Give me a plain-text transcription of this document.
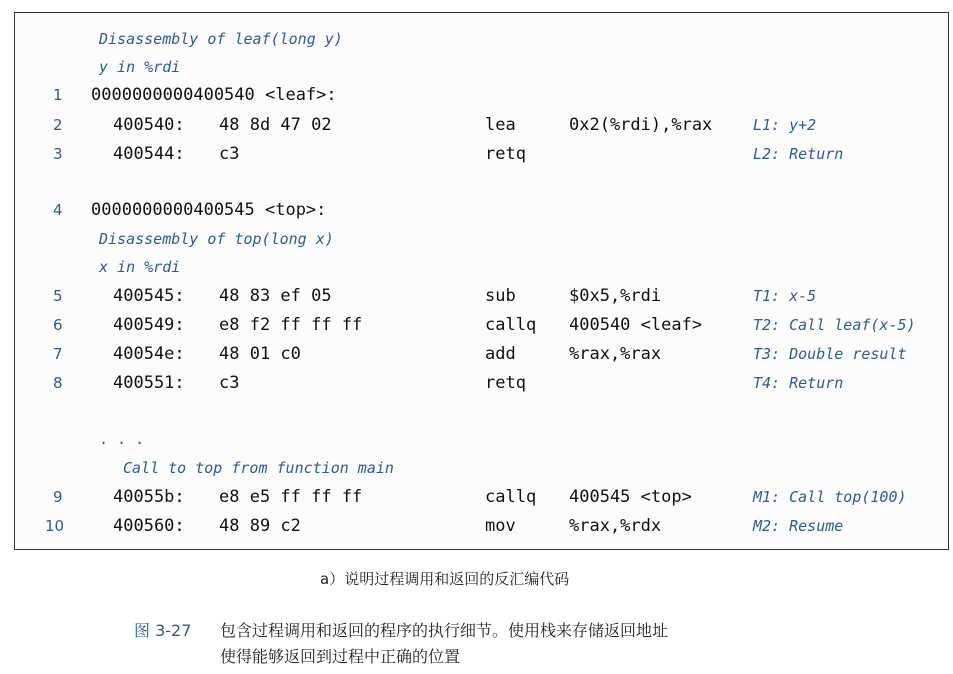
Disassembly of leaf(long y)
y in %rdi
1 0000000000400540 <leaf>:
2	400540: 48 8d 47 02	lea	0x2(%rdi),%rax	L1: y+2
3	400544: c3	retq	L2: Return
4 0000000000400545 <top>:
Disassembly of top(long x)
x in %rdi
5	400545: 48 83 ef 05	sub	$0x5,%rdi	T1: x-5
6	400549: e8 f2 ff ff ff	callq 400540 <leaf>	T2: Call leaf(x-5)
7	40054e: 48 01 c0	add	%rax,%rax	T3: Double result
8	400551: c3	retq	T4: Return
. . .
Call to top from function main
9	40055b: e8 e5 ff ff ff	callq 400545 <top>	M1: Call top(100)
10	400560: 48 89 c2	mov	%rax,%rdx	M2: Resume
a）说明过程调用和返回的反汇编代码
图 3-27 包含过程调用和返回的程序的执行细节。使用栈来存储返回地址
使得能够返回到过程中正确的位置
